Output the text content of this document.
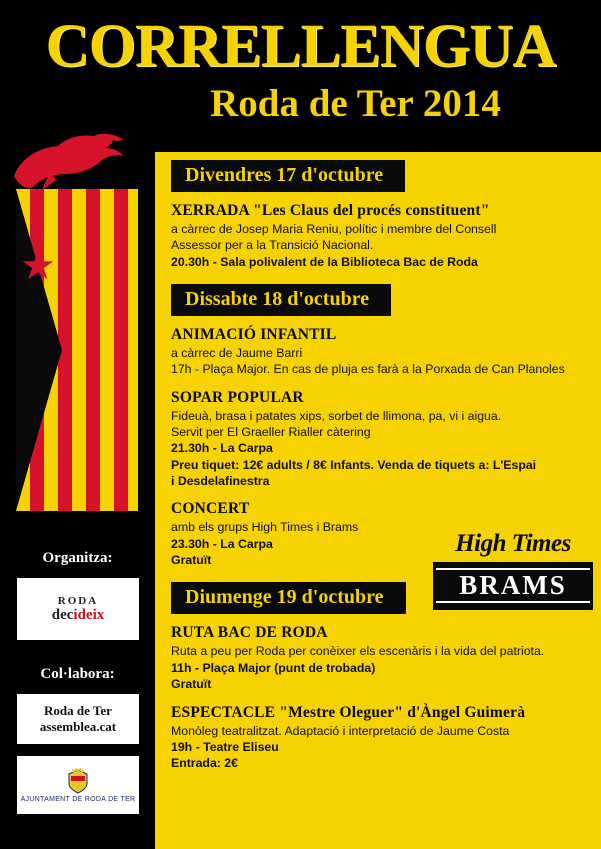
CORRELLENGUA
Roda de Ter 2014
★
Organitza:
RODA
decideix
Col·labora:
Roda de Ter
assemblea.cat
AJUNTAMENT DE RODA DE TER
Divendres 17 d'octubre
XERRADA "Les Claus del procés constituent"
a càrrec de Josep Maria Reniu, polític i membre del Consell
Assessor per a la Transició Nacional.
20.30h - Sala polivalent de la Biblioteca Bac de Roda
Dissabte 18 d'octubre
ANIMACIÓ INFANTIL
a càrrec de Jaume Barri
17h - Plaça Major. En cas de pluja es farà a la Porxada de Can Planoles
SOPAR POPULAR
Fideuà, brasa i patates xips, sorbet de llimona, pa, vi i aigua.
Servit per El Graeller Rialler càtering
21.30h - La Carpa
Preu tiquet: 12€ adults / 8€ Infants. Venda de tiquets a: L'Espai
i Desdelafinestra
CONCERT
amb els grups High Times i Brams
23.30h - La Carpa
Gratuït
High Times
BRAMS
Diumenge 19 d'octubre
RUTA BAC DE RODA
Ruta a peu per Roda per conèixer els escenàris i la vida del patriota.
11h - Plaça Major (punt de trobada)
Gratuït
ESPECTACLE "Mestre Oleguer" d'Àngel Guimerà
Monòleg teatralitzat. Adaptació i interpretació de Jaume Costa
19h - Teatre Eliseu
Entrada: 2€
